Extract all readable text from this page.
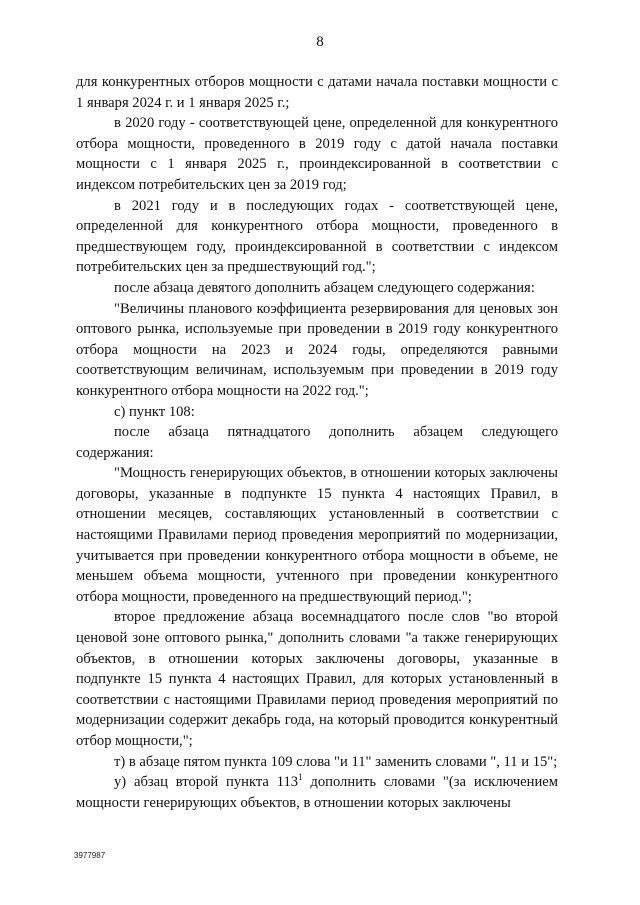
8

для конкурентных отборов мощности с датами начала поставки мощности с 1 января 2024 г. и 1 января 2025 г.;

в 2020 году - соответствующей цене, определенной для конкурентного отбора мощности, проведенного в 2019 году с датой начала поставки мощности с 1 января 2025 г., проиндексированной в соответствии с индексом потребительских цен за 2019 год;

в 2021 году и в последующих годах - соответствующей цене, определенной для конкурентного отбора мощности, проведенного в предшествующем году, проиндексированной в соответствии с индексом потребительских цен за предшествующий год.";

после абзаца девятого дополнить абзацем следующего содержания:

"Величины планового коэффициента резервирования для ценовых зон оптового рынка, используемые при проведении в 2019 году конкурентного отбора мощности на 2023 и 2024 годы, определяются равными соответствующим величинам, используемым при проведении в 2019 году конкурентного отбора мощности на 2022 год.";

с) пункт 108:

после абзаца пятнадцатого дополнить абзацем следующего содержания:

"Мощность генерирующих объектов, в отношении которых заключены договоры, указанные в подпункте 15 пункта 4 настоящих Правил, в отношении месяцев, составляющих установленный в соответствии с настоящими Правилами период проведения мероприятий по модернизации, учитывается при проведении конкурентного отбора мощности в объеме, не меньшем объема мощности, учтенного при проведении конкурентного отбора мощности, проведенного на предшествующий период.";

второе предложение абзаца восемнадцатого после слов "во второй ценовой зоне оптового рынка," дополнить словами "а также генерирующих объектов, в отношении которых заключены договоры, указанные в подпункте 15 пункта 4 настоящих Правил, для которых установленный в соответствии с настоящими Правилами период проведения мероприятий по модернизации содержит декабрь года, на который проводится конкурентный отбор мощности,";

т) в абзаце пятом пункта 109 слова "и 11" заменить словами ", 11 и 15";

у) абзац второй пункта $113^1$ дополнить словами "(за исключением мощности генерирующих объектов, в отношении которых заключены

3977987
